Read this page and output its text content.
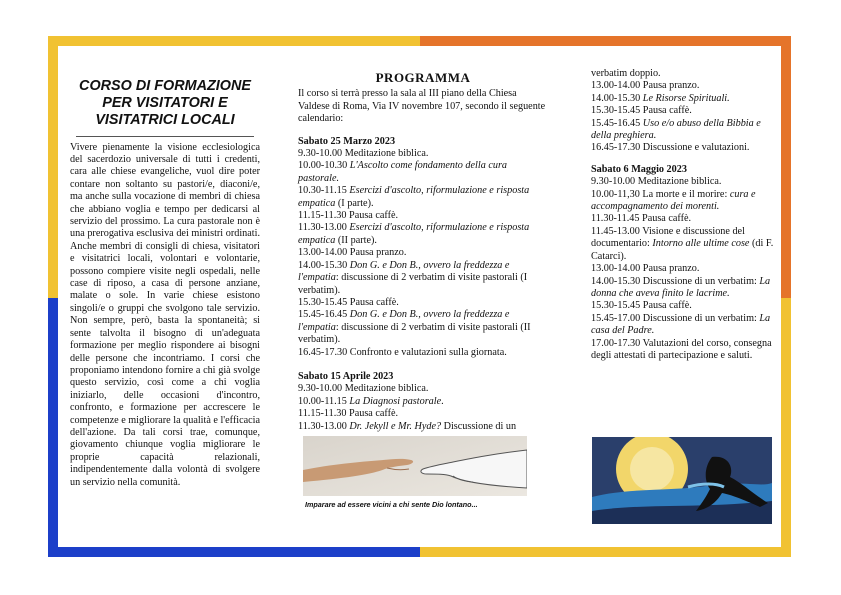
CORSO DI FORMAZIONE PER VISITATORI E VISITATRICI LOCALI
Vivere pienamente la visione ecclesiologica del sacerdozio universale di tutti i credenti, cara alle chiese evangeliche, vuol dire poter contare non soltanto su pastori/e, diaconi/e, ma anche sulla vocazione di membri di chiesa che abbiano voglia e tempo per dedicarsi al servizio del prossimo. La cura pastorale non è una prerogativa esclusiva dei ministri ordinati. Anche membri di consigli di chiesa, visitatori e visitatrici locali, volontari e volontarie, possono compiere visite negli ospedali, nelle case di riposo, a casa di persone anziane, malate o sole. In varie chiese esistono singoli/e o gruppi che svolgono tale servizio. Non sempre, però, basta la spontaneità; si sente talvolta il bisogno di un'adeguata formazione per meglio rispondere ai bisogni delle persone che incontriamo. I corsi che proponiamo intendono fornire a chi già svolge questo servizio, così come a chi voglia iniziarlo, delle occasioni d'incontro, confronto, e formazione per accrescere le competenze e migliorare la qualità e l'efficacia dell'azione. Da tali corsi trae, comunque, giovamento chiunque voglia migliorare le proprie capacità relazionali, indipendentemente dalla volontà di svolgere un servizio nella comunità.
PROGRAMMA
Il corso si terrà presso la sala al III piano della Chiesa Valdese di Roma, Via IV novembre 107, secondo il seguente calendario:
Sabato 25 Marzo 2023
9.30-10.00 Meditazione biblica.
10.00-10.30 L'Ascolto come fondamento della cura pastorale.
10.30-11.15 Esercizi d'ascolto, riformulazione e risposta empatica (I parte).
11.15-11.30 Pausa caffè.
11.30-13.00 Esercizi d'ascolto, riformulazione e risposta empatica (II parte).
13.00-14.00 Pausa pranzo.
14.00-15.30 Don G. e Don B., ovvero la freddezza e l'empatia: discussione di 2 verbatim di visite pastorali (I verbatim).
15.30-15.45 Pausa caffè.
15.45-16.45 Don G. e Don B., ovvero la freddezza e l'empatia: discussione di 2 verbatim di visite pastorali (II verbatim).
16.45-17.30 Confronto e valutazioni sulla giornata.
Sabato 15 Aprile 2023
9.30-10.00 Meditazione biblica.
10.00-11.15 La Diagnosi pastorale.
11.15-11.30 Pausa caffè.
11.30-13.00 Dr. Jekyll e Mr. Hyde? Discussione di un
Imparare ad essere vicini a chi sente Dio lontano...
verbatim doppio.
13.00-14.00 Pausa pranzo.
14.00-15.30 Le Risorse Spirituali.
15.30-15.45 Pausa caffè.
15.45-16.45 Uso e/o abuso della Bibbia e della preghiera.
16.45-17.30 Discussione e valutazioni.
Sabato 6 Maggio 2023
9.30-10.00 Meditazione biblica.
10.00-11,30 La morte e il morire: cura e accompagnamento dei morenti.
11.30-11.45 Pausa caffè.
11.45-13.00 Visione e discussione del documentario: Intorno alle ultime cose (di F. Catarci).
13.00-14.00 Pausa pranzo.
14.00-15.30 Discussione di un verbatim: La donna che aveva finito le lacrime.
15.30-15.45 Pausa caffè.
15.45-17.00 Discussione di un verbatim: La casa del Padre.
17.00-17.30 Valutazioni del corso, consegna degli attestati di partecipazione e saluti.
